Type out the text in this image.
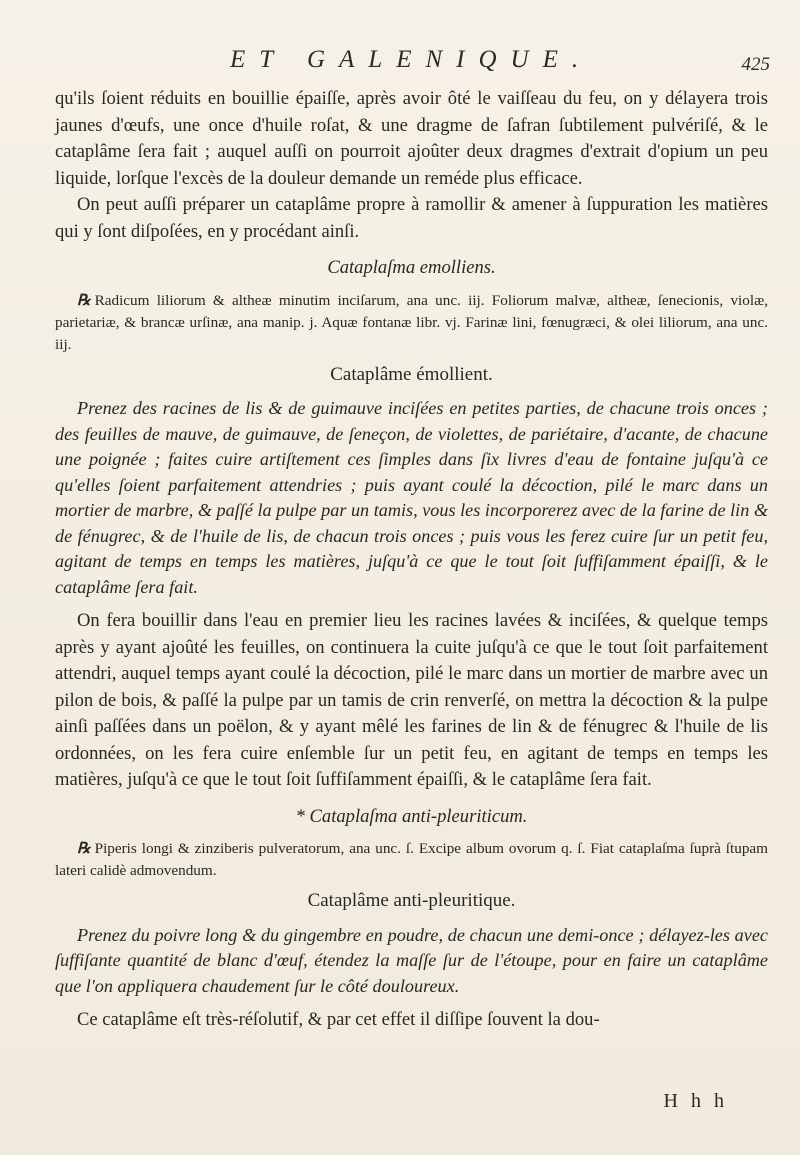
ET GALENIQUE.	425

qu'ils ſoient réduits en bouillie épaiſſe, après avoir ôté le vaiſſeau du feu, on y délayera trois jaunes d'œufs, une once d'huile roſat, & une dragme de ſafran ſubtilement pulvériſé, & le cataplâme ſera fait ; auquel auſſi on pourroit ajoûter deux dragmes d'extrait d'opium un peu liquide, lorſque l'excès de la douleur demande un reméde plus efficace.

On peut auſſi préparer un cataplâme propre à ramollir & amener à ſuppuration les matières qui y ſont diſpoſées, en y procédant ainſi.

Cataplaſma emolliens.

℞ Radicum liliorum & altheæ minutim inciſarum, ana unc. iij. Foliorum malvæ, altheæ, ſenecionis, violæ, parietariæ, & brancæ urſinæ, ana manip. j. Aquæ fontanæ libr. vj. Farinæ lini, fœnugræci, & olei liliorum, ana unc. iij.

Cataplâme émollient.

Prenez des racines de lis & de guimauve inciſées en petites parties, de chacune trois onces ; des feuilles de mauve, de guimauve, de ſeneçon, de violettes, de pariétaire, d'acante, de chacune une poignée ; faites cuire artiſtement ces ſimples dans ſix livres d'eau de fontaine juſqu'à ce qu'elles ſoient parfaitement attendries ; puis ayant coulé la décoction, pilé le marc dans un mortier de marbre, & paſſé la pulpe par un tamis, vous les incorporerez avec de la farine de lin & de fénugrec, & de l'huile de lis, de chacun trois onces ; puis vous les ferez cuire ſur un petit feu, agitant de temps en temps les matières, juſqu'à ce que le tout ſoit ſuffiſamment épaiſſi, & le cataplâme ſera fait.

On fera bouillir dans l'eau en premier lieu les racines lavées & inciſées, & quelque temps après y ayant ajoûté les feuilles, on continuera la cuite juſqu'à ce que le tout ſoit parfaitement attendri, auquel temps ayant coulé la décoction, pilé le marc dans un mortier de marbre avec un pilon de bois, & paſſé la pulpe par un tamis de crin renverſé, on mettra la décoction & la pulpe ainſi paſſées dans un poëlon, & y ayant mêlé les farines de lin & de fénugrec & l'huile de lis ordonnées, on les fera cuire enſemble ſur un petit feu, en agitant de temps en temps les matières, juſqu'à ce que le tout ſoit ſuffiſamment épaiſſi, & le cataplâme ſera fait.

* Cataplaſma anti-pleuriticum.

℞ Piperis longi & zinziberis pulveratorum, ana unc. ſ. Excipe album ovorum q. ſ. Fiat cataplaſma ſuprà ſtupam lateri calidè admovendum.

Cataplâme anti-pleuritique.

Prenez du poivre long & du gingembre en poudre, de chacun une demi-once ; délayez-les avec ſuffiſante quantité de blanc d'œuf, étendez la maſſe ſur de l'étoupe, pour en faire un cataplâme que l'on appliquera chaudement ſur le côté douloureux.

Ce cataplâme eſt très-réſolutif, & par cet effet il diſſipe ſouvent la dou-

H h h
